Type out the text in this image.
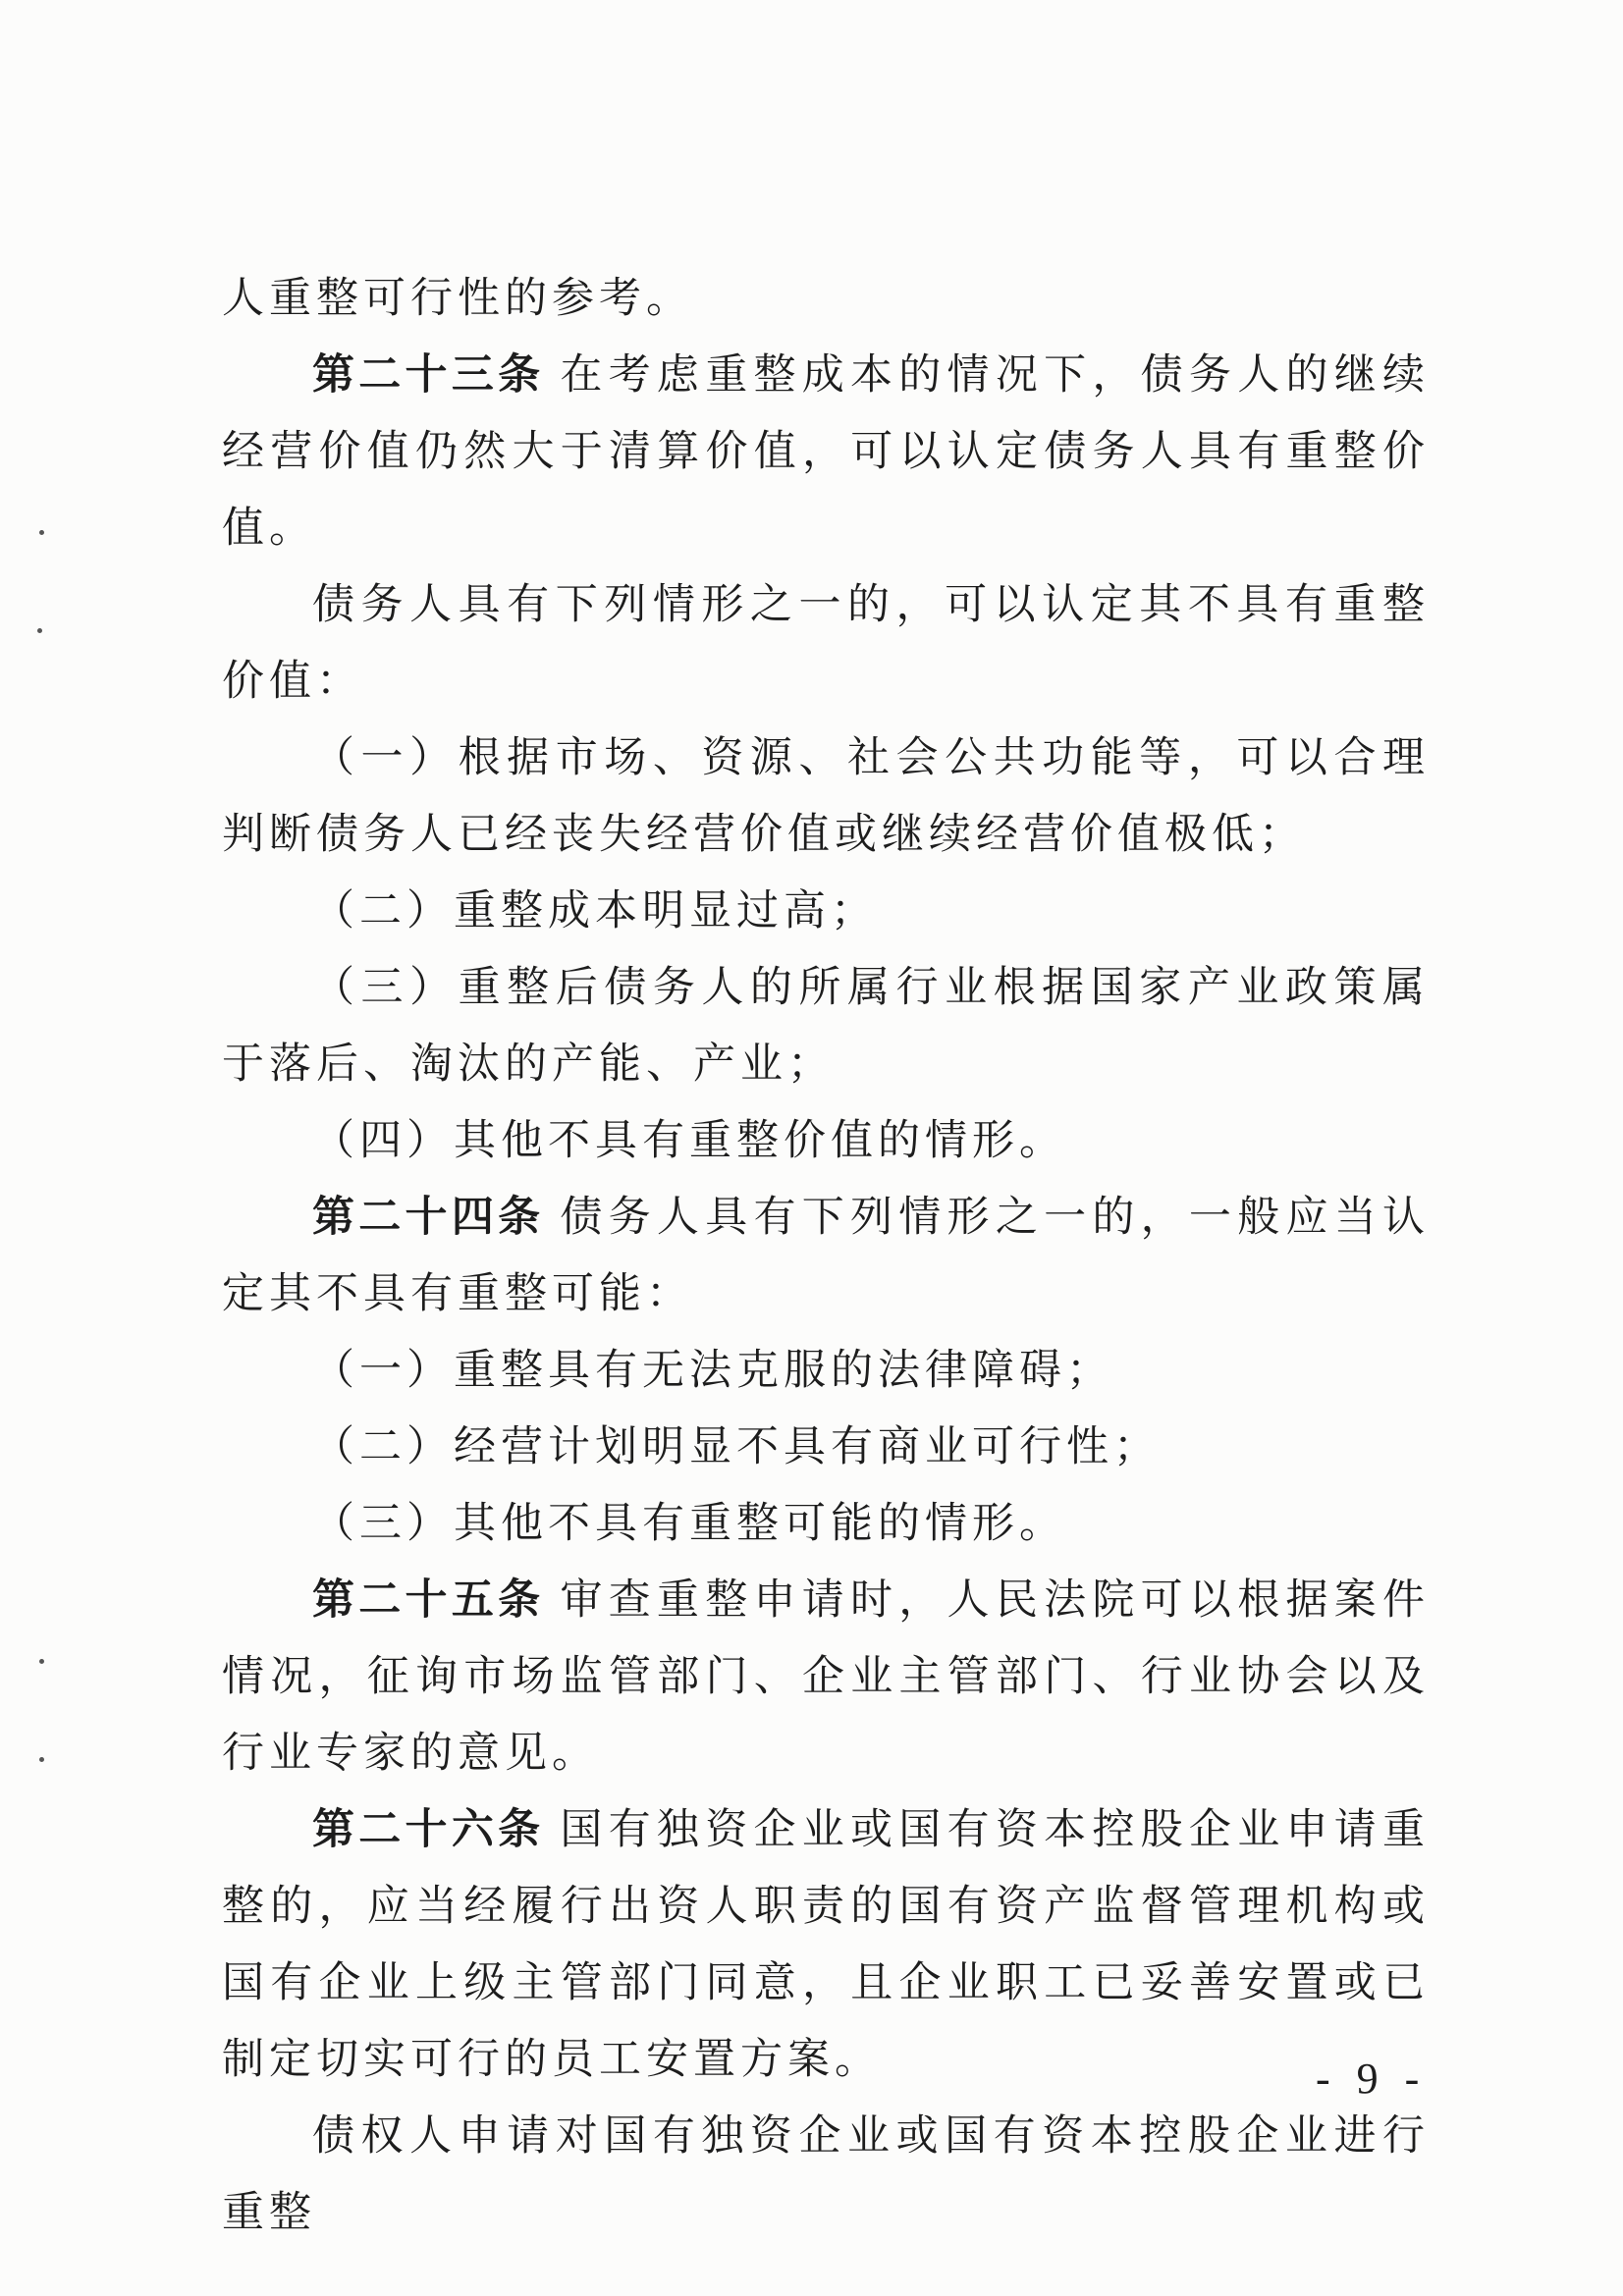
人重整可行性的参考。

第二十三条 在考虑重整成本的情况下，债务人的继续经营价值仍然大于清算价值，可以认定债务人具有重整价值。

债务人具有下列情形之一的，可以认定其不具有重整价值：

（一）根据市场、资源、社会公共功能等，可以合理判断债务人已经丧失经营价值或继续经营价值极低；

（二）重整成本明显过高；

（三）重整后债务人的所属行业根据国家产业政策属于落后、淘汰的产能、产业；

（四）其他不具有重整价值的情形。

第二十四条 债务人具有下列情形之一的，一般应当认定其不具有重整可能：

（一）重整具有无法克服的法律障碍；

（二）经营计划明显不具有商业可行性；

（三）其他不具有重整可能的情形。

第二十五条 审查重整申请时，人民法院可以根据案件情况，征询市场监管部门、企业主管部门、行业协会以及行业专家的意见。

第二十六条 国有独资企业或国有资本控股企业申请重整的，应当经履行出资人职责的国有资产监督管理机构或国有企业上级主管部门同意，且企业职工已妥善安置或已制定切实可行的员工安置方案。

债权人申请对国有独资企业或国有资本控股企业进行重整

- 9 -
